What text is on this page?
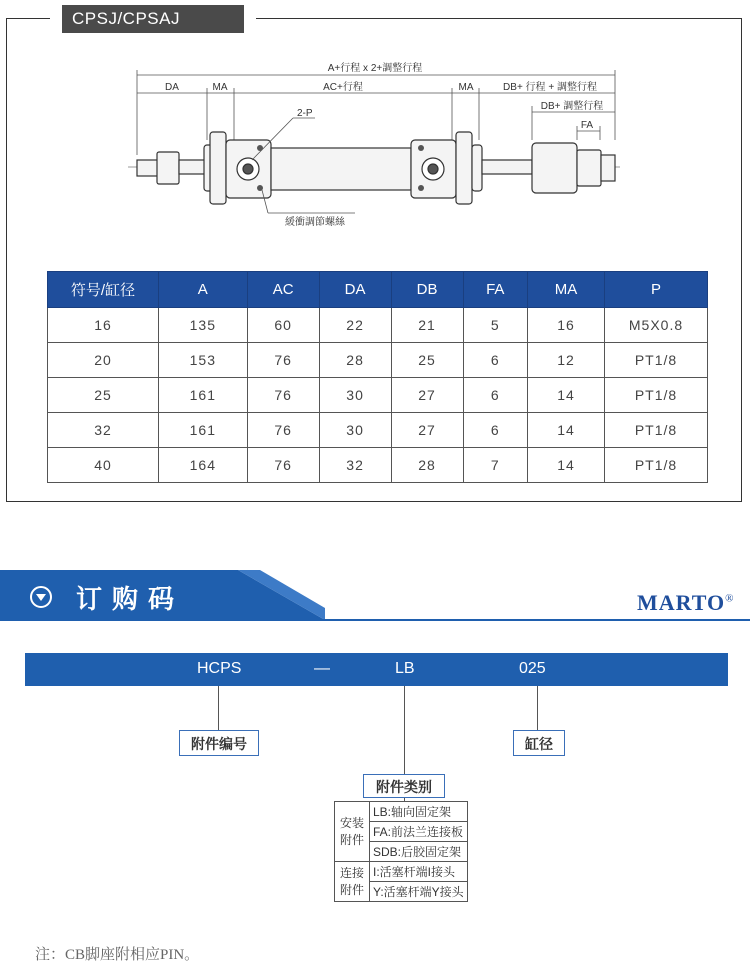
CPSJ/CPSAJ
A+行程 x 2+調整行程
DA	MA	AC+行程	MA	DB+ 行程 + 調整行程
DB+ 調整行程
FA
2-P
緩衝調節螺絲
符号/缸径	A	AC	DA	DB	FA	MA	P
16	135	60	22	21	5	16	M5X0.8
20	153	76	28	25	6	12	PT1/8
25	161	76	30	27	6	14	PT1/8
32	161	76	30	27	6	14	PT1/8
40	164	76	32	28	7	14	PT1/8
订购码	MARTO®
HCPS	—	LB	025
附件编号	缸径
附件类别
安装附件	LB:轴向固定架
	FA:前法兰连接板
	SDB:后胶固定架
连接附件	I:活塞杆端I接头
	Y:活塞杆端Y接头
注：CB脚座附相应PIN。
